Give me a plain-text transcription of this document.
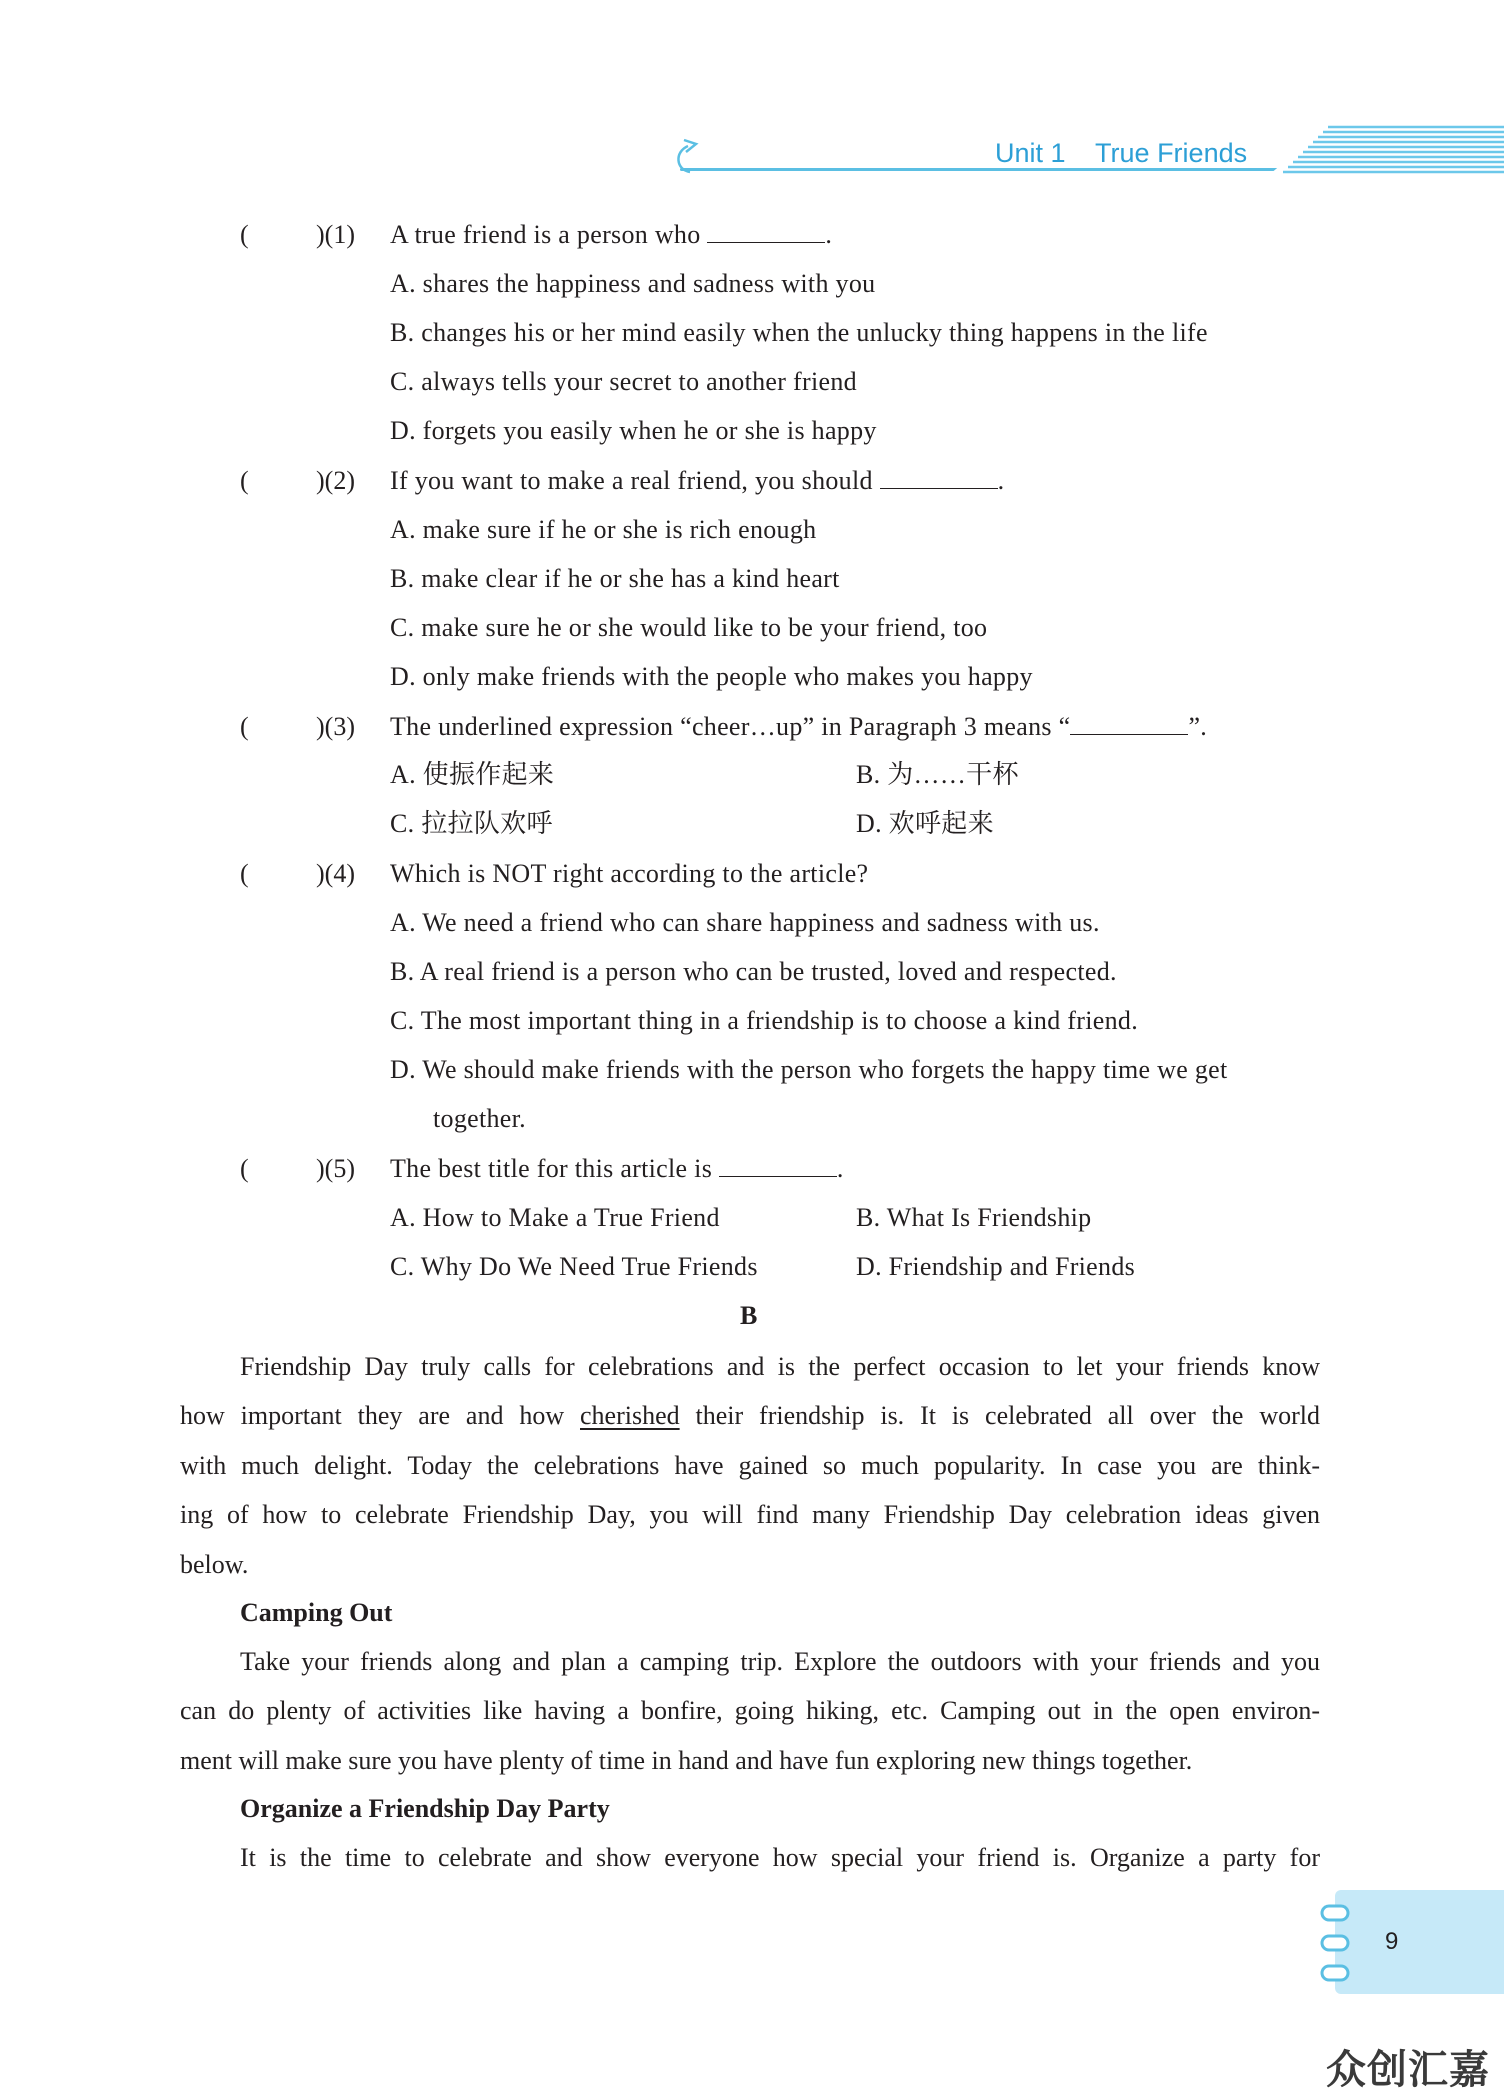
Unit 1    True Friends
(	)(1) A true friend is a person who	.
A. shares the happiness and sadness with you
B. changes his or her mind easily when the unlucky thing happens in the life
C. always tells your secret to another friend
D. forgets you easily when he or she is happy
(	)(2) If you want to make a real friend, you should	.
A. make sure if he or she is rich enough
B. make clear if he or she has a kind heart
C. make sure he or she would like to be your friend, too
D. only make friends with the people who makes you happy
(	)(3) The underlined expression “cheer…up” in Paragraph 3 means “	”.
A. 使振作起来	B. 为……干杯
C. 拉拉队欢呼	D. 欢呼起来
(	)(4) Which is NOT right according to the article?
A. We need a friend who can share happiness and sadness with us.
B. A real friend is a person who can be trusted, loved and respected.
C. The most important thing in a friendship is to choose a kind friend.
D. We should make friends with the person who forgets the happy time we get
together.
(	)(5) The best title for this article is	.
A. How to Make a True Friend	B. What Is Friendship
C. Why Do We Need True Friends	D. Friendship and Friends
B
Friendship Day truly calls for celebrations and is the perfect occasion to let your friends know
how important they are and how cherished their friendship is. It is celebrated all over the world
with much delight. Today the celebrations have gained so much popularity. In case you are think-
ing of how to celebrate Friendship Day, you will find many Friendship Day celebration ideas given
below.
Camping Out
Take your friends along and plan a camping trip. Explore the outdoors with your friends and you
can do plenty of activities like having a bonfire, going hiking, etc. Camping out in the open environ-
ment will make sure you have plenty of time in hand and have fun exploring new things together.
Organize a Friendship Day Party
It is the time to celebrate and show everyone how special your friend is. Organize a party for
9
众创汇嘉
